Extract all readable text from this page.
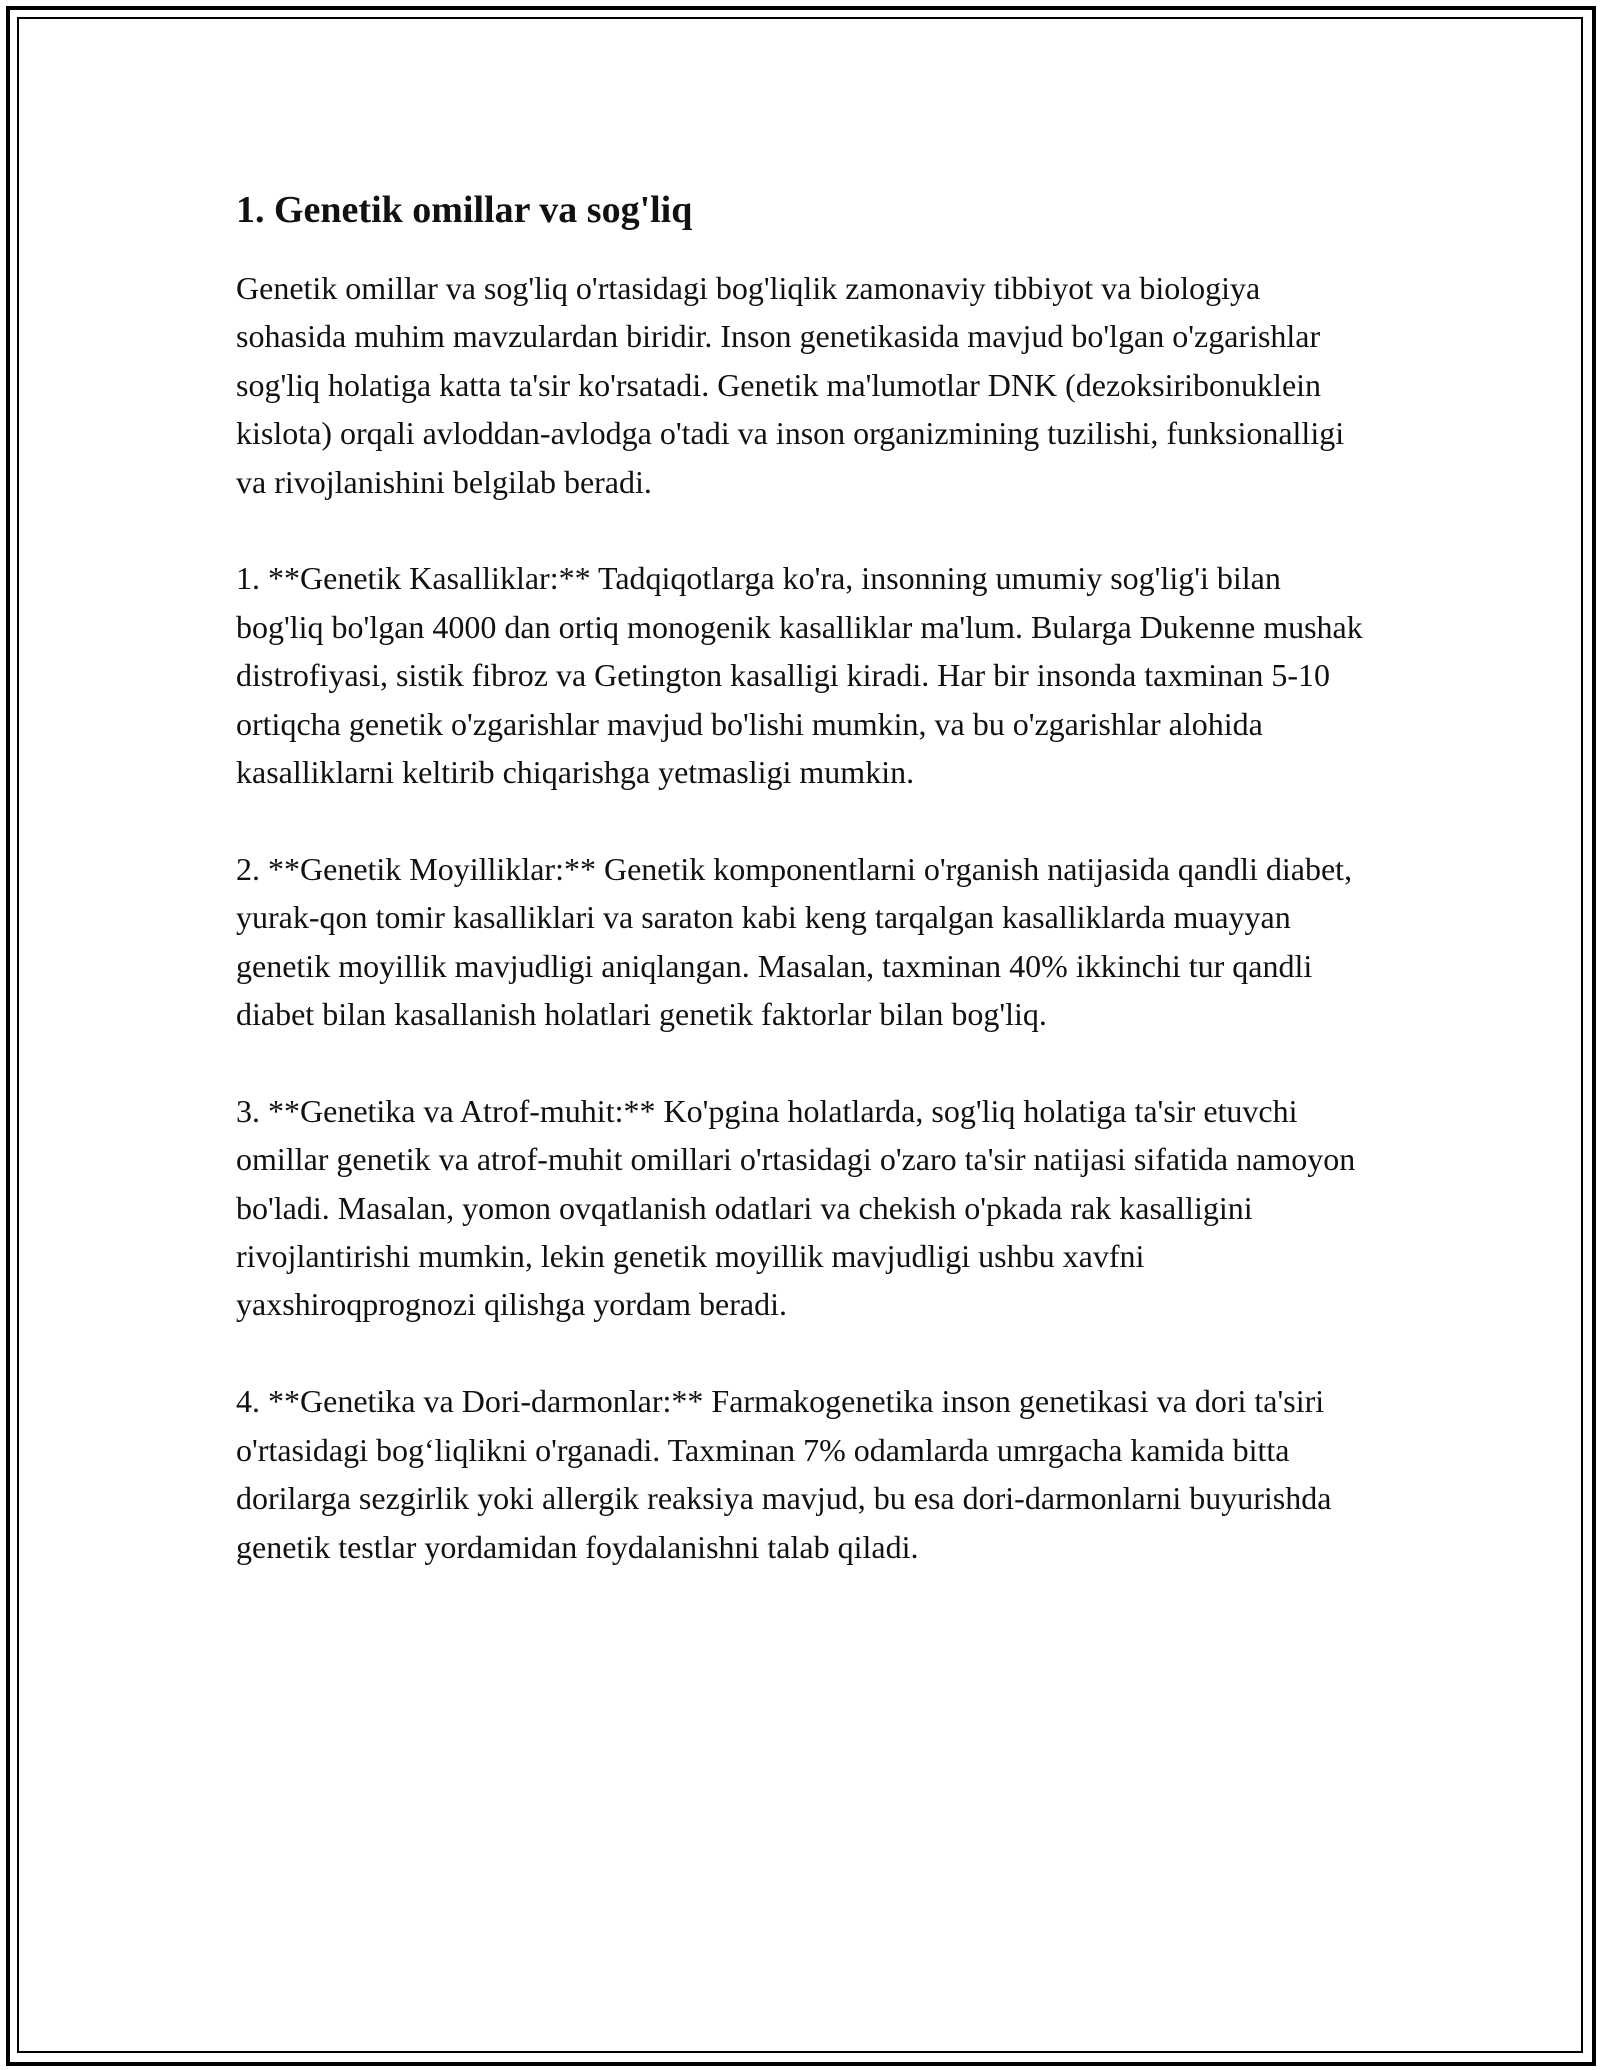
1. Genetik omillar va sog'liq

Genetik omillar va sog'liq o'rtasidagi bog'liqlik zamonaviy tibbiyot va biologiya sohasida muhim mavzulardan biridir. Inson genetikasida mavjud bo'lgan o'zgarishlar sog'liq holatiga katta ta'sir ko'rsatadi. Genetik ma'lumotlar DNK (dezoksiribonuklein kislota) orqali avloddan-avlodga o'tadi va inson organizmining tuzilishi, funksionalligi va rivojlanishini belgilab beradi.

1. **Genetik Kasalliklar:** Tadqiqotlarga ko'ra, insonning umumiy sog'lig'i bilan bog'liq bo'lgan 4000 dan ortiq monogenik kasalliklar ma'lum. Bularga Dukenne mushak distrofiyasi, sistik fibroz va Getington kasalligi kiradi. Har bir insonda taxminan 5-10 ortiqcha genetik o'zgarishlar mavjud bo'lishi mumkin, va bu o'zgarishlar alohida kasalliklarni keltirib chiqarishga yetmasligi mumkin.

2. **Genetik Moyilliklar:** Genetik komponentlarni o'rganish natijasida qandli diabet, yurak-qon tomir kasalliklari va saraton kabi keng tarqalgan kasalliklarda muayyan genetik moyillik mavjudligi aniqlangan. Masalan, taxminan 40% ikkinchi tur qandli diabet bilan kasallanish holatlari genetik faktorlar bilan bog'liq.

3. **Genetika va Atrof-muhit:** Ko'pgina holatlarda, sog'liq holatiga ta'sir etuvchi omillar genetik va atrof-muhit omillari o'rtasidagi o'zaro ta'sir natijasi sifatida namoyon bo'ladi. Masalan, yomon ovqatlanish odatlari va chekish o'pkada rak kasalligini rivojlantirishi mumkin, lekin genetik moyillik mavjudligi ushbu xavfni yaxshiroqprognozi qilishga yordam beradi.

4. **Genetika va Dori-darmonlar:** Farmakogenetika inson genetikasi va dori ta'siri o'rtasidagi bog‘liqlikni o'rganadi. Taxminan 7% odamlarda umrgacha kamida bitta dorilarga sezgirlik yoki allergik reaksiya mavjud, bu esa dori-darmonlarni buyurishda genetik testlar yordamidan foydalanishni talab qiladi.
